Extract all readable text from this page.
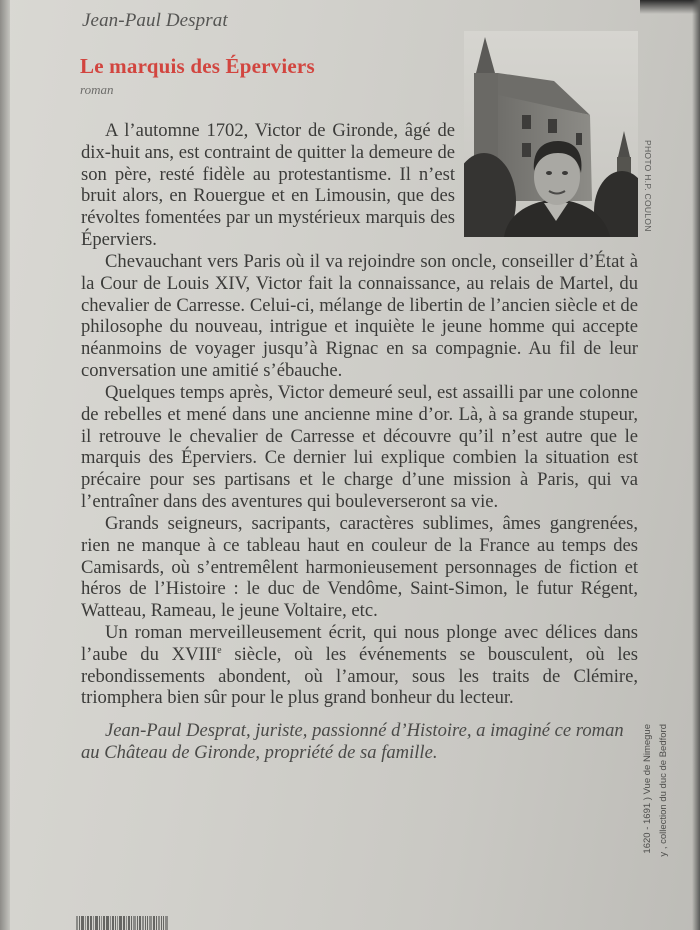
Jean-Paul Desprat
Le marquis des Éperviers
roman
PHOTO H.P. COULON

A l’automne 1702, Victor de Gironde, âgé de dix-huit ans, est contraint de quitter la demeure de son père, resté fidèle au protestantisme. Il n’est bruit alors, en Rouergue et en Limousin, que des révoltes fomentées par un mystérieux marquis des Éperviers.

Chevauchant vers Paris où il va rejoindre son oncle, conseiller d’État à la Cour de Louis XIV, Victor fait la connaissance, au relais de Martel, du chevalier de Carresse. Celui-ci, mélange de libertin de l’ancien siècle et de philosophe du nouveau, intrigue et inquiète le jeune homme qui accepte néanmoins de voyager jusqu’à Rignac en sa compagnie. Au fil de leur conversation une amitié s’ébauche.

Quelques temps après, Victor demeuré seul, est assailli par une colonne de rebelles et mené dans une ancienne mine d’or. Là, à sa grande stupeur, il retrouve le chevalier de Carresse et découvre qu’il n’est autre que le marquis des Éperviers. Ce dernier lui explique combien la situation est précaire pour ses partisans et le charge d’une mission à Paris, qui va l’entraîner dans des aventures qui bouleverseront sa vie.

Grands seigneurs, sacripants, caractères sublimes, âmes gangrenées, rien ne manque à ce tableau haut en couleur de la France au temps des Camisards, où s’entremêlent harmonieusement personnages de fiction et héros de l’Histoire : le duc de Vendôme, Saint-Simon, le futur Régent, Watteau, Rameau, le jeune Voltaire, etc.

Un roman merveilleusement écrit, qui nous plonge avec délices dans l’aube du XVIIIe siècle, où les événements se bousculent, où les rebondissements abondent, où l’amour, sous les traits de Clémire, triomphera bien sûr pour le plus grand bonheur du lecteur.

Jean-Paul Desprat, juriste, passionné d’Histoire, a imaginé ce roman au Château de Gironde, propriété de sa famille.	1620 - 1691 ) Vue de Nimegue y , collection du duc de Bedford
